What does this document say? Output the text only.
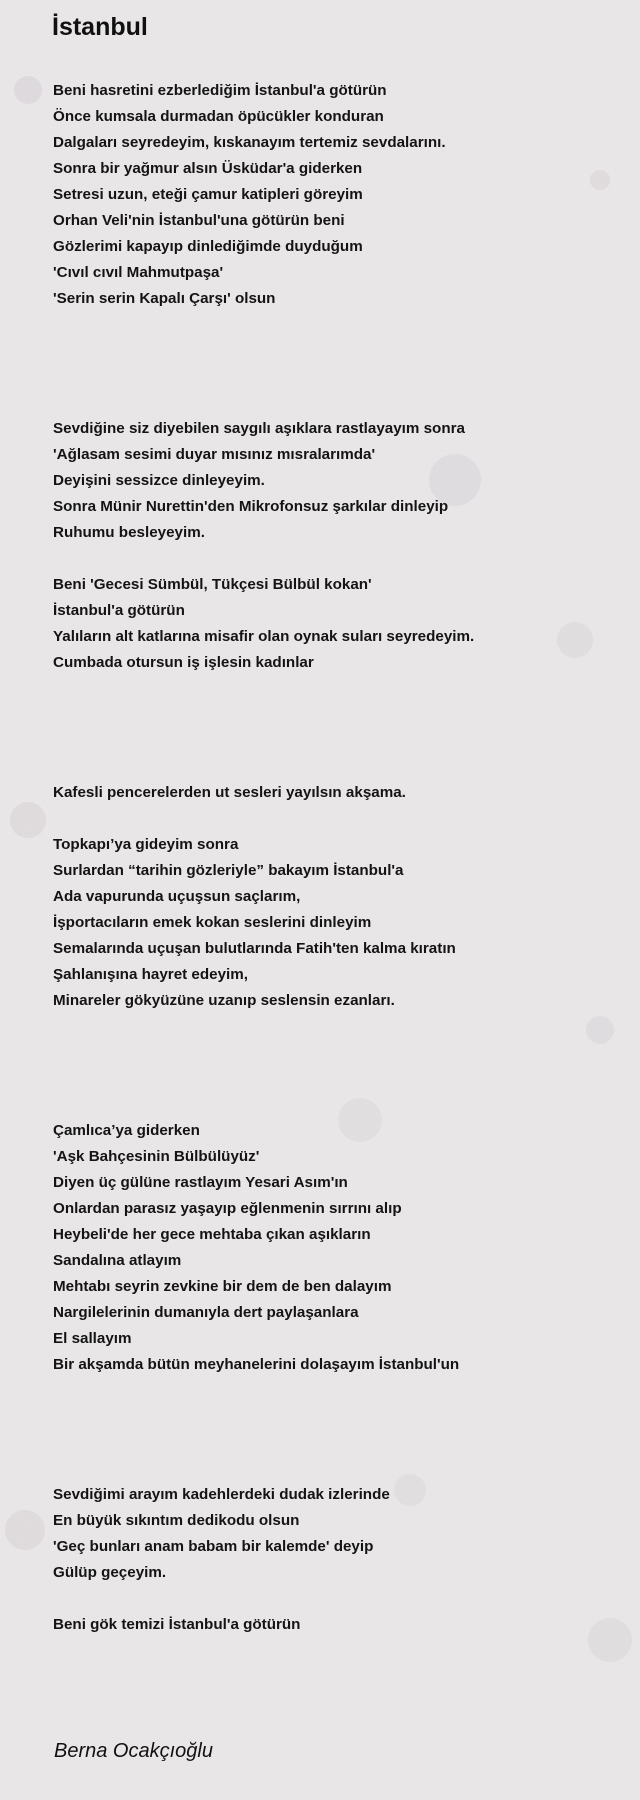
İstanbul
Beni hasretini ezberlediğim İstanbul'a götürün
Önce kumsala durmadan öpücükler konduran
Dalgaları seyredeyim, kıskanayım tertemiz sevdalarını.
Sonra bir yağmur alsın Üsküdar'a giderken
Setresi uzun, eteği çamur katipleri göreyim
Orhan Veli'nin İstanbul'una götürün beni
Gözlerimi kapayıp dinlediğimde duyduğum
'Cıvıl cıvıl Mahmutpaşa'
'Serin serin Kapalı Çarşı' olsun
Sevdiğine siz diyebilen saygılı aşıklara rastlayayım sonra
'Ağlasam sesimi duyar mısınız mısralarımda'
Deyişini sessizce dinleyeyim.
Sonra Münir Nurettin'den Mikrofonsuz şarkılar dinleyip
Ruhumu besleyeyim.
Beni 'Gecesi Sümbül, Tükçesi Bülbül kokan'
İstanbul'a götürün
Yalıların alt katlarına misafir olan oynak suları seyredeyim.
Cumbada otursun iş işlesin kadınlar
Kafesli pencerelerden ut sesleri yayılsın akşama.
Topkapı’ya gideyim sonra
Surlardan “tarihin gözleriyle” bakayım İstanbul'a
Ada vapurunda uçuşsun saçlarım,
İşportacıların emek kokan seslerini dinleyim
Semalarında uçuşan bulutlarında Fatih'ten kalma kıratın
Şahlanışına hayret edeyim,
Minareler gökyüzüne uzanıp seslensin ezanları.
Çamlıca’ya giderken
'Aşk Bahçesinin Bülbülüyüz'
Diyen üç gülüne rastlayım Yesari Asım'ın
Onlardan parasız yaşayıp eğlenmenin sırrını alıp
Heybeli'de her gece mehtaba çıkan aşıkların
Sandalına atlayım
Mehtabı seyrin zevkine bir dem de ben dalayım
Nargilelerinin dumanıyla dert paylaşanlara
El sallayım
Bir akşamda bütün meyhanelerini dolaşayım İstanbul'un
Sevdiğimi arayım kadehlerdeki dudak izlerinde
En büyük sıkıntım dedikodu olsun
'Geç bunları anam babam bir kalemde' deyip
Gülüp geçeyim.
Beni gök temizi İstanbul'a götürün
Berna Ocakçıoğlu
